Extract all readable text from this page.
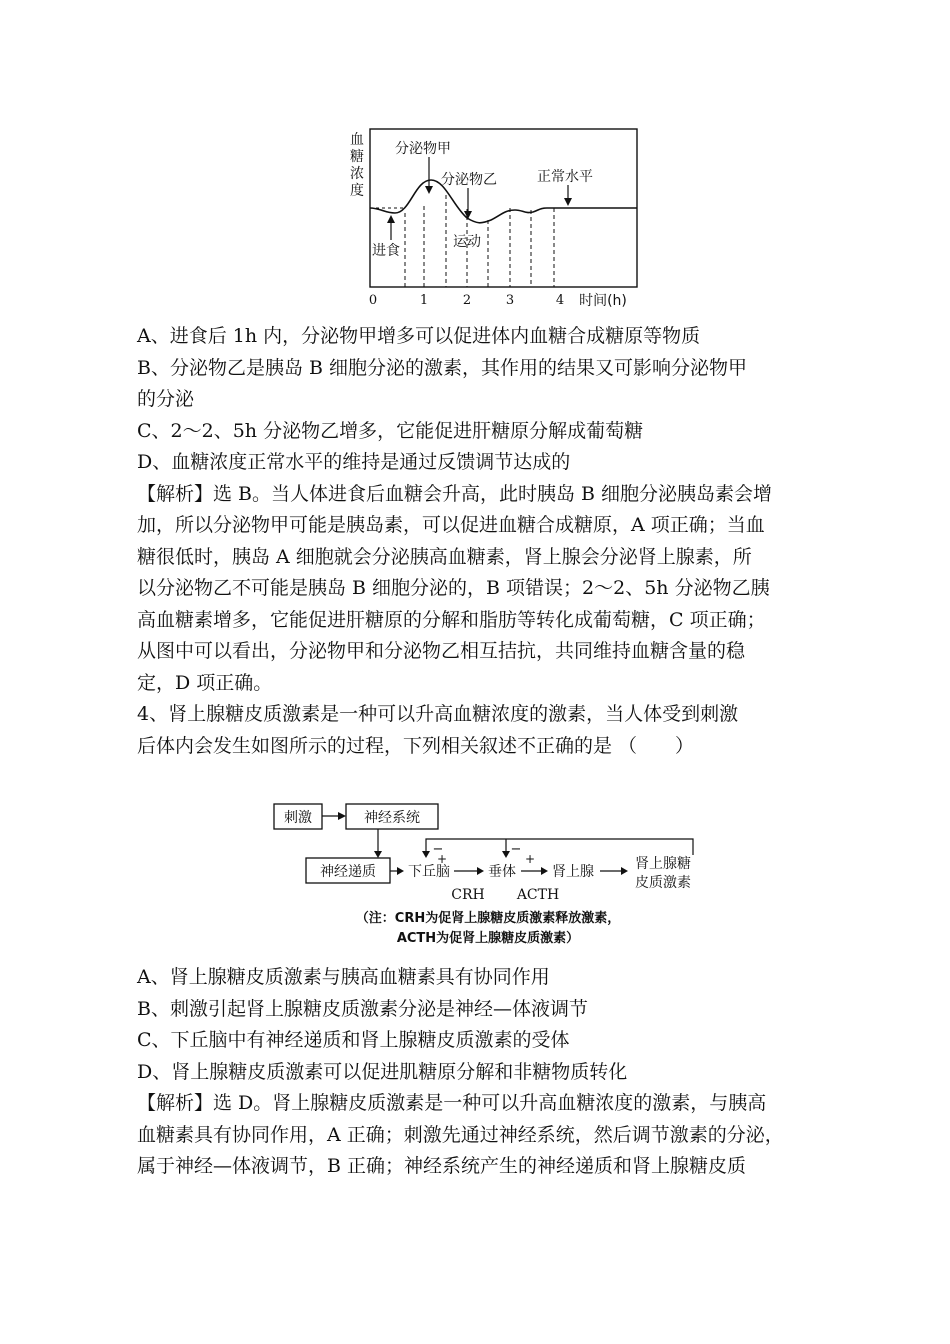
血
糖
浓
度
分泌物甲
分泌物乙	正常水平
进食
运动
0	1	2	3	4 时间(h)

A、进食后 1h 内，分泌物甲增多可以促进体内血糖合成糖原等物质

B、分泌物乙是胰岛 B 细胞分泌的激素，其作用的结果又可影响分泌物甲

的分泌

C、2～2、5h 分泌物乙增多，它能促进肝糖原分解成葡萄糖

D、血糖浓度正常水平的维持是通过反馈调节达成的

【解析】选 B。当人体进食后血糖会升高，此时胰岛 B 细胞分泌胰岛素会增

加，所以分泌物甲可能是胰岛素，可以促进血糖合成糖原，A 项正确；当血

糖很低时，胰岛 A 细胞就会分泌胰高血糖素，肾上腺会分泌肾上腺素，所

以分泌物乙不可能是胰岛 B 细胞分泌的，B 项错误；2～2、5h 分泌物乙胰

高血糖素增多，它能促进肝糖原的分解和脂肪等转化成葡萄糖，C 项正确；

从图中可以看出，分泌物甲和分泌物乙相互拮抗，共同维持血糖含量的稳

定，D 项正确。

4、肾上腺糖皮质激素是一种可以升高血糖浓度的激素，当人体受到刺激

后体内会发生如图所示的过程，下列相关叙述不正确的是 （　　）

刺激	神经系统
神经递质 下丘脑
+
垂体
+
肾上腺	肾上腺糖
皮质激素
−	−
CRH ACTH
（注：CRH为促肾上腺糖皮质激素释放激素，
ACTH为促肾上腺糖皮质激素）

A、肾上腺糖皮质激素与胰高血糖素具有协同作用

B、刺激引起肾上腺糖皮质激素分泌是神经—体液调节

C、下丘脑中有神经递质和肾上腺糖皮质激素的受体

D、肾上腺糖皮质激素可以促进肌糖原分解和非糖物质转化

【解析】选 D。肾上腺糖皮质激素是一种可以升高血糖浓度的激素，与胰高

血糖素具有协同作用，A 正确；刺激先通过神经系统，然后调节激素的分泌，

属于神经—体液调节，B 正确；神经系统产生的神经递质和肾上腺糖皮质
